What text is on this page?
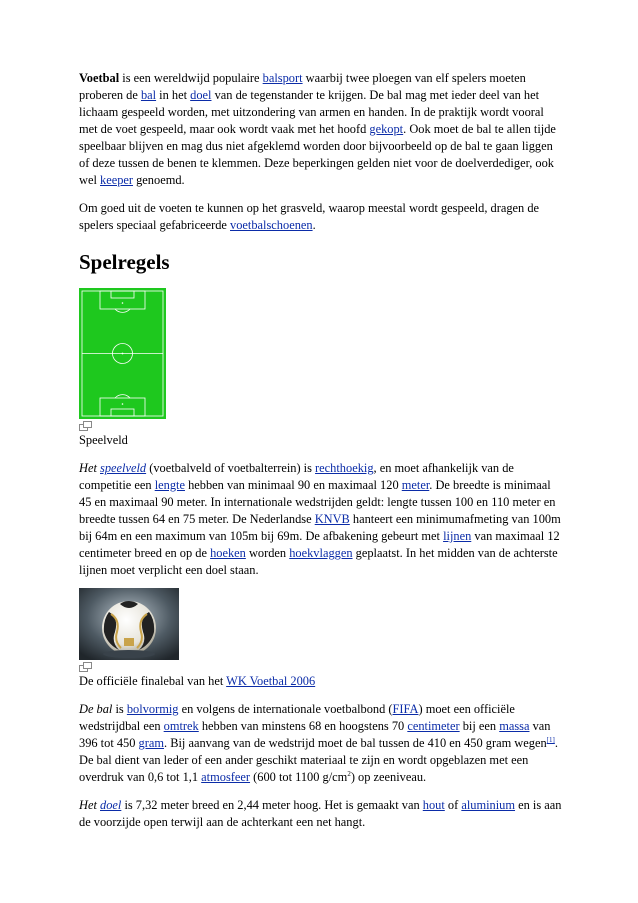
Voetbal is een wereldwijd populaire balsport waarbij twee ploegen van elf spelers moeten proberen de bal in het doel van de tegenstander te krijgen. De bal mag met ieder deel van het lichaam gespeeld worden, met uitzondering van armen en handen. In de praktijk wordt vooral met de voet gespeeld, maar ook wordt vaak met het hoofd gekopt. Ook moet de bal te allen tijde speelbaar blijven en mag dus niet afgeklemd worden door bijvoorbeeld op de bal te gaan liggen of deze tussen de benen te klemmen. Deze beperkingen gelden niet voor de doelverdediger, ook wel keeper genoemd.

Om goed uit de voeten te kunnen op het grasveld, waarop meestal wordt gespeeld, dragen de spelers speciaal gefabriceerde voetbalschoenen.

Spelregels
Speelveld

Het speelveld (voetbalveld of voetbalterrein) is rechthoekig, en moet afhankelijk van de competitie een lengte hebben van minimaal 90 en maximaal 120 meter. De breedte is minimaal 45 en maximaal 90 meter. In internationale wedstrijden geldt: lengte tussen 100 en 110 meter en breedte tussen 64 en 75 meter. De Nederlandse KNVB hanteert een minimumafmeting van 100m bij 64m en een maximum van 105m bij 69m. De afbakening gebeurt met lijnen van maximaal 12 centimeter breed en op de hoeken worden hoekvlaggen geplaatst. In het midden van de achterste lijnen moet verplicht een doel staan.

De officiële finalebal van het WK Voetbal 2006

De bal is bolvormig en volgens de internationale voetbalbond (FIFA) moet een officiële wedstrijdbal een omtrek hebben van minstens 68 en hoogstens 70 centimeter bij een massa van 396 tot 450 gram. Bij aanvang van de wedstrijd moet de bal tussen de 410 en 450 gram wegen[1]. De bal dient van leder of een ander geschikt materiaal te zijn en wordt opgeblazen met een overdruk van 0,6 tot 1,1 atmosfeer (600 tot 1100 $g/cm^2$) op zeeniveau.

Het doel is 7,32 meter breed en 2,44 meter hoog. Het is gemaakt van hout of aluminium en is aan de voorzijde open terwijl aan de achterkant een net hangt.
